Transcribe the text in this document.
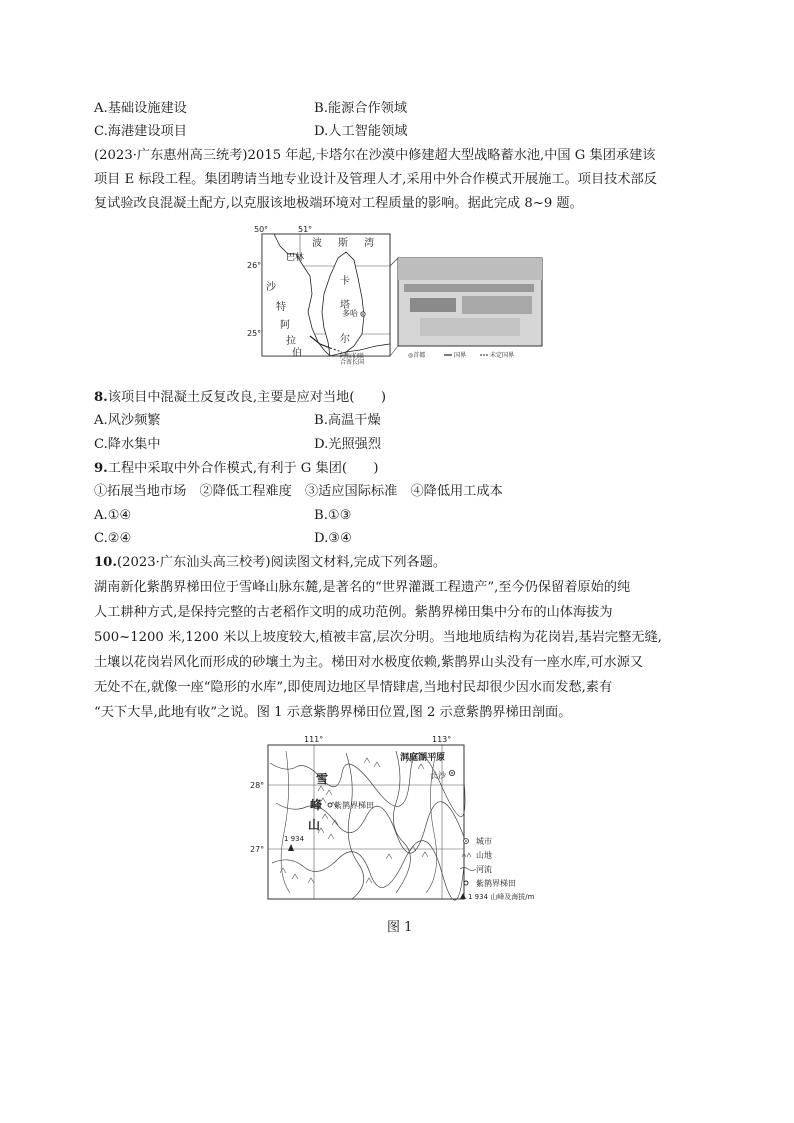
A.基础设施建设	B.能源合作领域
C.海港建设项目	D.人工智能领域
(2023·广东惠州高三统考)2015 年起,卡塔尔在沙漠中修建超大型战略蓄水池,中国 G 集团承建该
项目 E 标段工程。集团聘请当地专业设计及管理人才,采用中外合作模式开展施工。项目技术部反
复试验改良混凝土配方,以克服该地极端环境对工程质量的影响。据此完成 8~9 题。
50°	51°
26°
25°
波 斯 湾
巴林
沙
特
阿
拉
伯
卡
塔
尔
多哈
阿拉伯联
合酋长国
◎首都	国界	未定国界
8.该项目中混凝土反复改良,主要是应对当地(　　)
A.风沙频繁	B.高温干燥
C.降水集中	D.光照强烈
9.工程中采取中外合作模式,有利于 G 集团(　　)
①拓展当地市场　②降低工程难度　③适应国际标准　④降低用工成本
A.①④	B.①③
C.②④	D.③④
10.(2023·广东汕头高三校考)阅读图文材料,完成下列各题。
湖南新化紫鹊界梯田位于雪峰山脉东麓,是著名的“世界灌溉工程遗产”,至今仍保留着原始的纯
人工耕种方式,是保持完整的古老稻作文明的成功范例。紫鹊界梯田集中分布的山体海拔为
500~1200 米,1200 米以上坡度较大,植被丰富,层次分明。当地地质结构为花岗岩,基岩完整无缝,
土壤以花岗岩风化而形成的砂壤土为主。梯田对水极度依赖,紫鹊界山头没有一座水库,可水源又
无处不在,就像一座“隐形的水库”,即使周边地区旱情肆虐,当地村民却很少因水而发愁,素有
“天下大旱,此地有收”之说。图 1 示意紫鹊界梯田位置,图 2 示意紫鹊界梯田剖面。
111°	113°
28°
27°
洞庭湖平原
长沙
雪
峰
山
紫鹊界梯田
1 934	城市
山地
河流
紫鹊界梯田
1 934 山峰及海拔/m
图 1
